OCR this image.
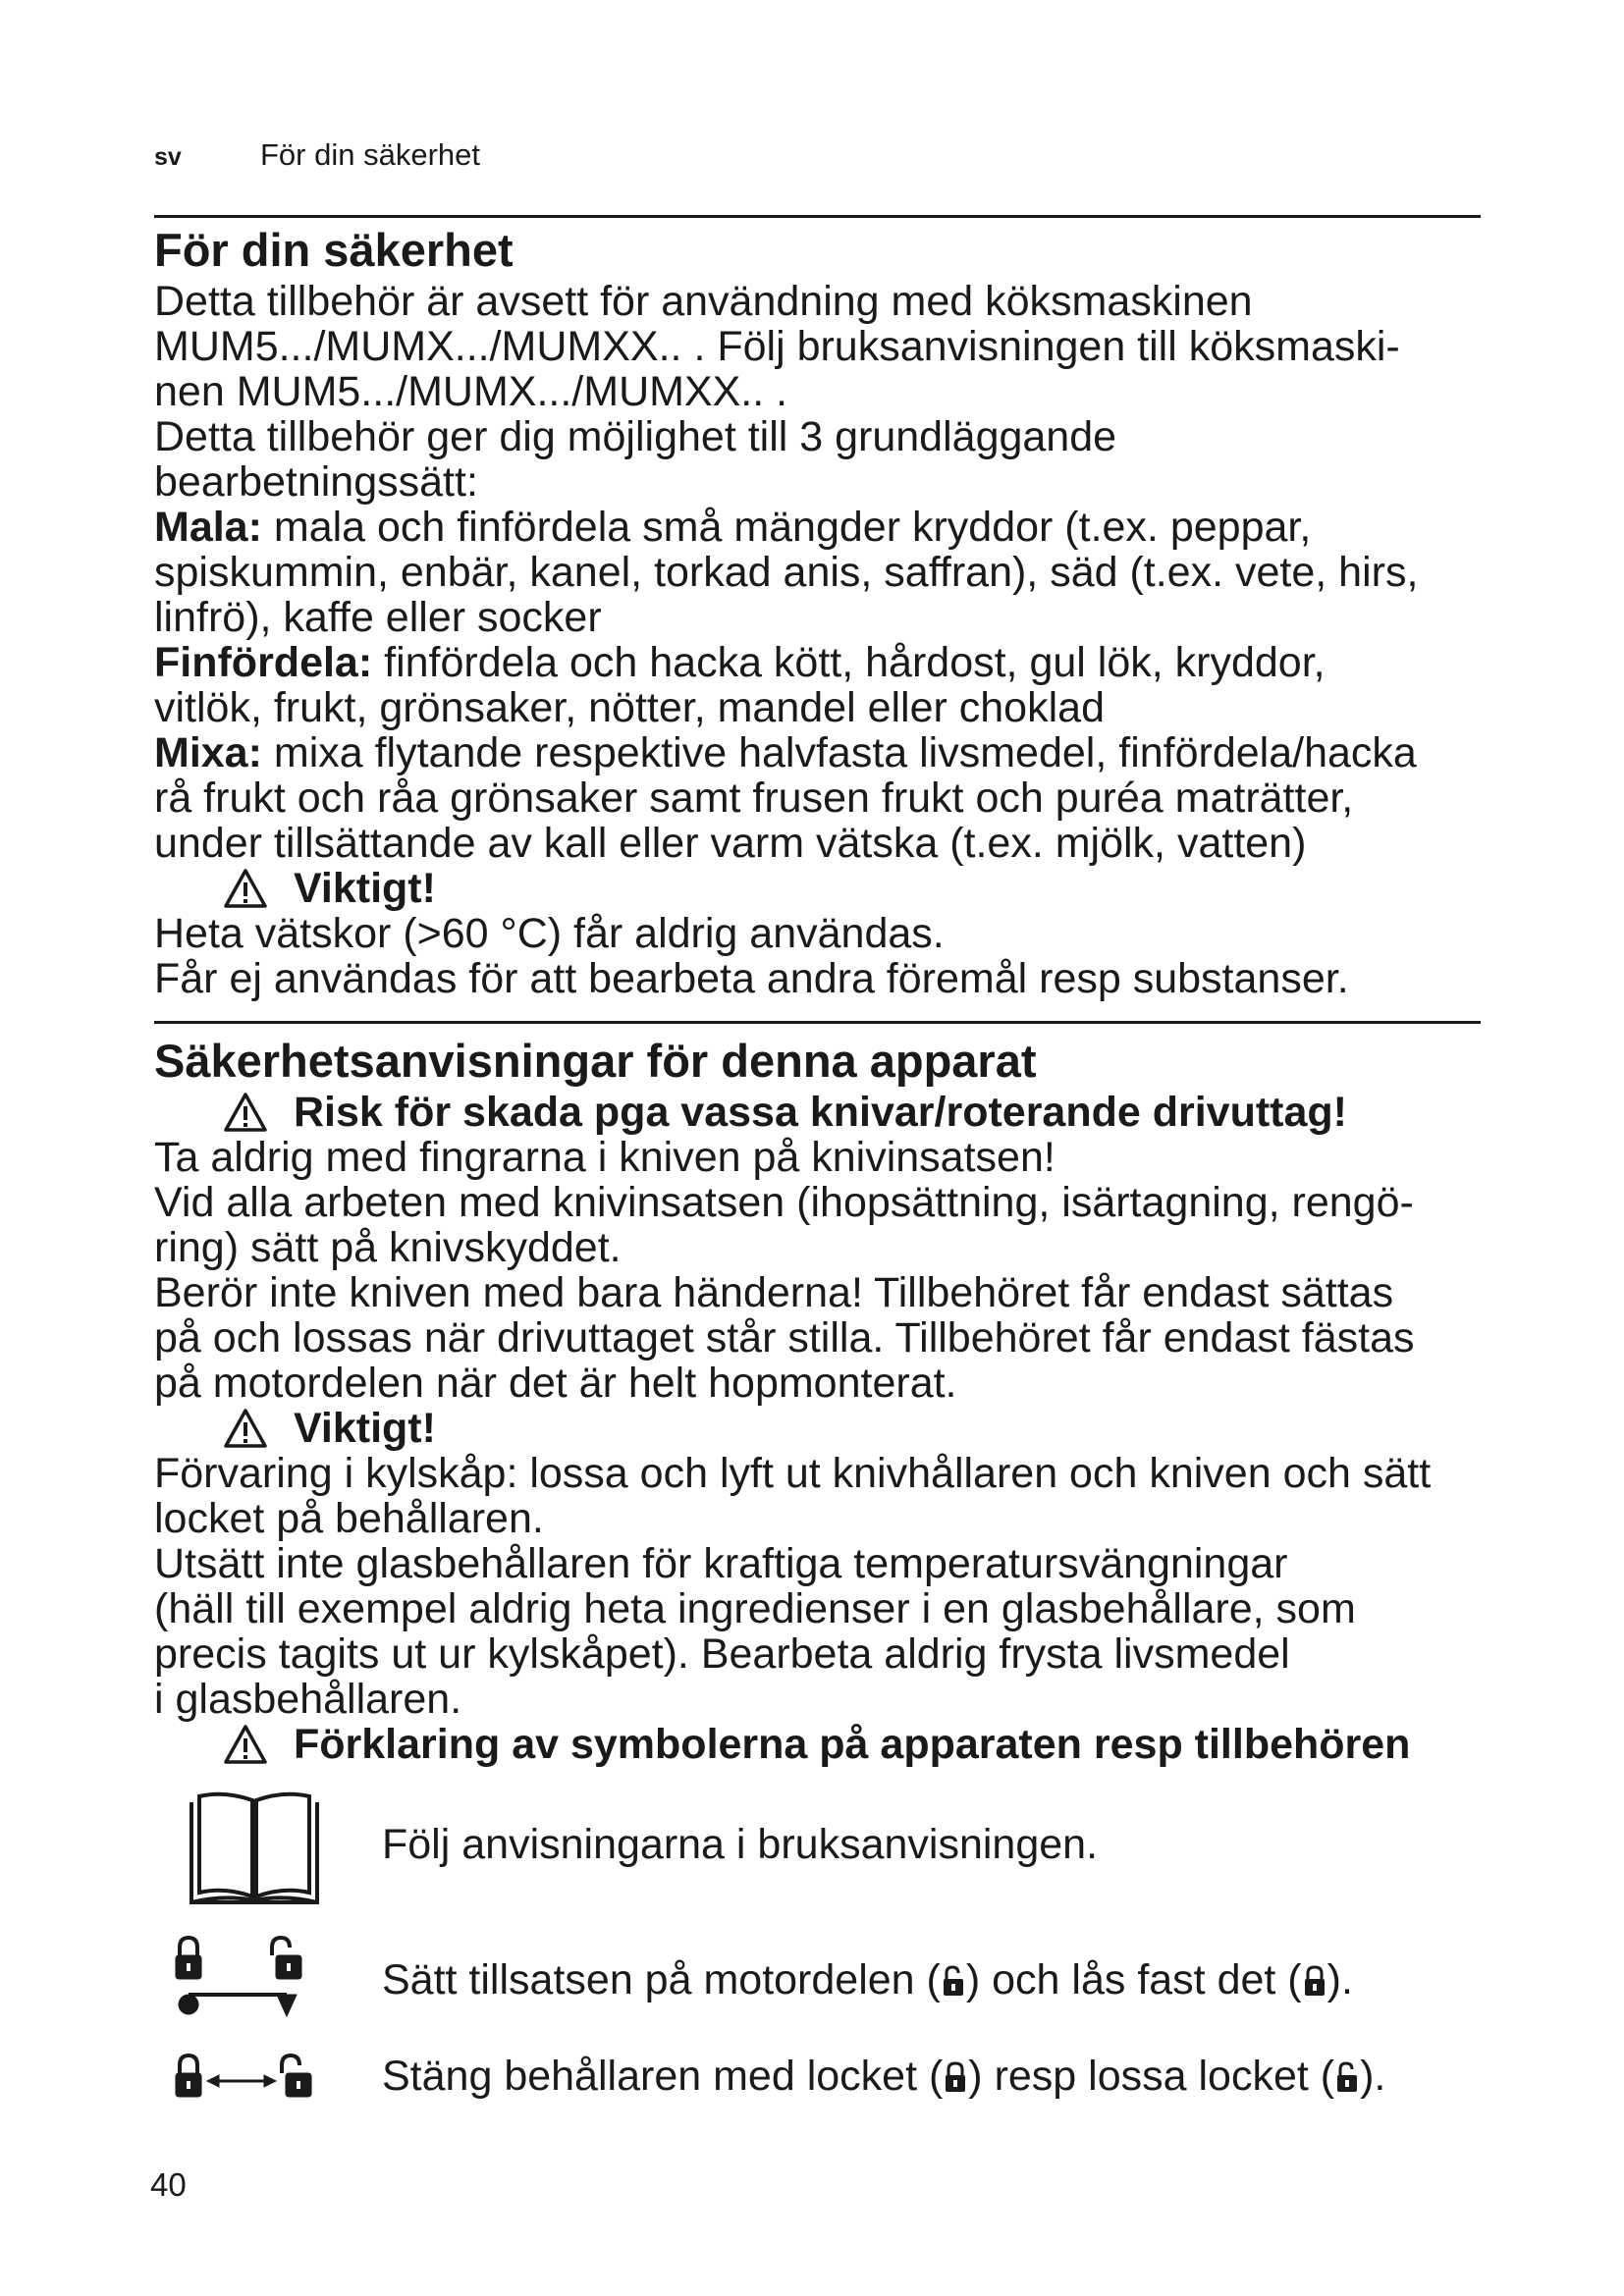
sv	För din säkerhet
För din säkerhet
Detta tillbehör är avsett för användning med köksmaskinen
MUM5.../MUMX.../MUMXX.. . Följ bruksanvisningen till köksmaski-
nen MUM5.../MUMX.../MUMXX.. .
Detta tillbehör ger dig möjlighet till 3 grundläggande
bearbetningssätt:
Mala: mala och finfördela små mängder kryddor (t.ex. peppar,
spiskummin, enbär, kanel, torkad anis, saffran), säd (t.ex. vete, hirs,
linfrö), kaffe eller socker
Finfördela: finfördela och hacka kött, hårdost, gul lök, kryddor,
vitlök, frukt, grönsaker, nötter, mandel eller choklad
Mixa: mixa flytande respektive halvfasta livsmedel, finfördela/hacka
rå frukt och råa grönsaker samt frusen frukt och puréa maträtter,
under tillsättande av kall eller varm vätska (t.ex. mjölk, vatten)
Viktigt!
Heta vätskor (>60 °C) får aldrig användas.
Får ej användas för att bearbeta andra föremål resp substanser.
Säkerhetsanvisningar för denna apparat
Risk för skada pga vassa knivar/roterande drivuttag!
Ta aldrig med fingrarna i kniven på knivinsatsen!
Vid alla arbeten med knivinsatsen (ihopsättning, isärtagning, rengö-
ring) sätt på knivskyddet.
Berör inte kniven med bara händerna! Tillbehöret får endast sättas
på och lossas när drivuttaget står stilla. Tillbehöret får endast fästas
på motordelen när det är helt hopmonterat.
Viktigt!
Förvaring i kylskåp: lossa och lyft ut knivhållaren och kniven och sätt
locket på behållaren.
Utsätt inte glasbehållaren för kraftiga temperatursvängningar
(häll till exempel aldrig heta ingredienser i en glasbehållare, som
precis tagits ut ur kylskåpet). Bearbeta aldrig frysta livsmedel
i glasbehållaren.
Förklaring av symbolerna på apparaten resp tillbehören
Följ anvisningarna i bruksanvisningen.
Sätt tillsatsen på motordelen ( ) och lås fast det ( ).
Stäng behållaren med locket ( ) resp lossa locket ( ).
40
